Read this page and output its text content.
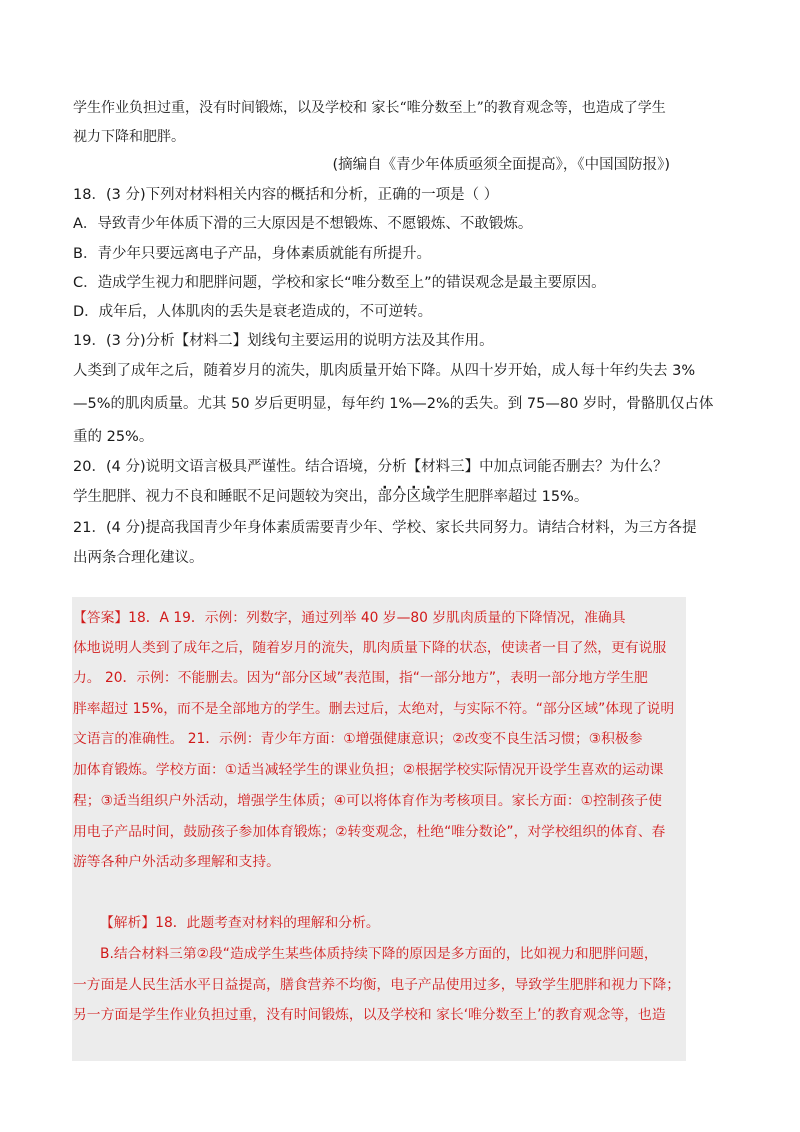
学生作业负担过重，没有时间锻炼，以及学校和 家长“唯分数至上”的教育观念等，也造成了学生
视力下降和肥胖。
(摘编自《青少年体质亟须全面提高》，《中国国防报》)
18．(3 分)下列对材料相关内容的概括和分析，正确的一项是（ ）
A．导致青少年体质下滑的三大原因是不想锻炼、不愿锻炼、不敢锻炼。
B．青少年只要远离电子产品，身体素质就能有所提升。
C．造成学生视力和肥胖问题，学校和家长“唯分数至上”的错误观念是最主要原因。
D．成年后，人体肌肉的丢失是衰老造成的，不可逆转。
19．(3 分)分析【材料二】划线句主要运用的说明方法及其作用。
人类到了成年之后，随着岁月的流失，肌肉质量开始下降。从四十岁开始，成人每十年约失去 3%
—5%的肌肉质量。尤其 50 岁后更明显，每年约 1%—2%的丢失。到 75—80 岁时，骨骼肌仅占体
重的 25%。
20．(4 分)说明文语言极具严谨性。结合语境，分析【材料三】中加点词能否删去？为什么？
学生肥胖、视力不良和睡眠不足问题较为突出，部分区域学生肥胖率超过 15%。
21．(4 分)提高我国青少年身体素质需要青少年、学校、家长共同努力。请结合材料，为三方各提
出两条合理化建议。
【答案】18．A 19．示例：列数字，通过列举 40 岁—80 岁肌肉质量的下降情况，准确具
体地说明人类到了成年之后，随着岁月的流失，肌肉质量下降的状态，使读者一目了然，更有说服
力。 20．示例：不能删去。因为“部分区域”表范围，指“一部分地方”，表明一部分地方学生肥
胖率超过 15%，而不是全部地方的学生。删去过后，太绝对，与实际不符。“部分区域”体现了说明
文语言的准确性。 21．示例：青少年方面：①增强健康意识；②改变不良生活习惯；③积极参
加体育锻炼。学校方面：①适当减轻学生的课业负担；②根据学校实际情况开设学生喜欢的运动课
程；③适当组织户外活动，增强学生体质；④可以将体育作为考核项目。家长方面：①控制孩子使
用电子产品时间，鼓励孩子参加体育锻炼；②转变观念，杜绝“唯分数论”，对学校组织的体育、春
游等各种户外活动多理解和支持。
【解析】18．此题考查对材料的理解和分析。
B.结合材料三第②段“造成学生某些体质持续下降的原因是多方面的，比如视力和肥胖问题，
一方面是人民生活水平日益提高，膳食营养不均衡，电子产品使用过多，导致学生肥胖和视力下降；
另一方面是学生作业负担过重，没有时间锻炼，以及学校和 家长‘唯分数至上’的教育观念等，也造
